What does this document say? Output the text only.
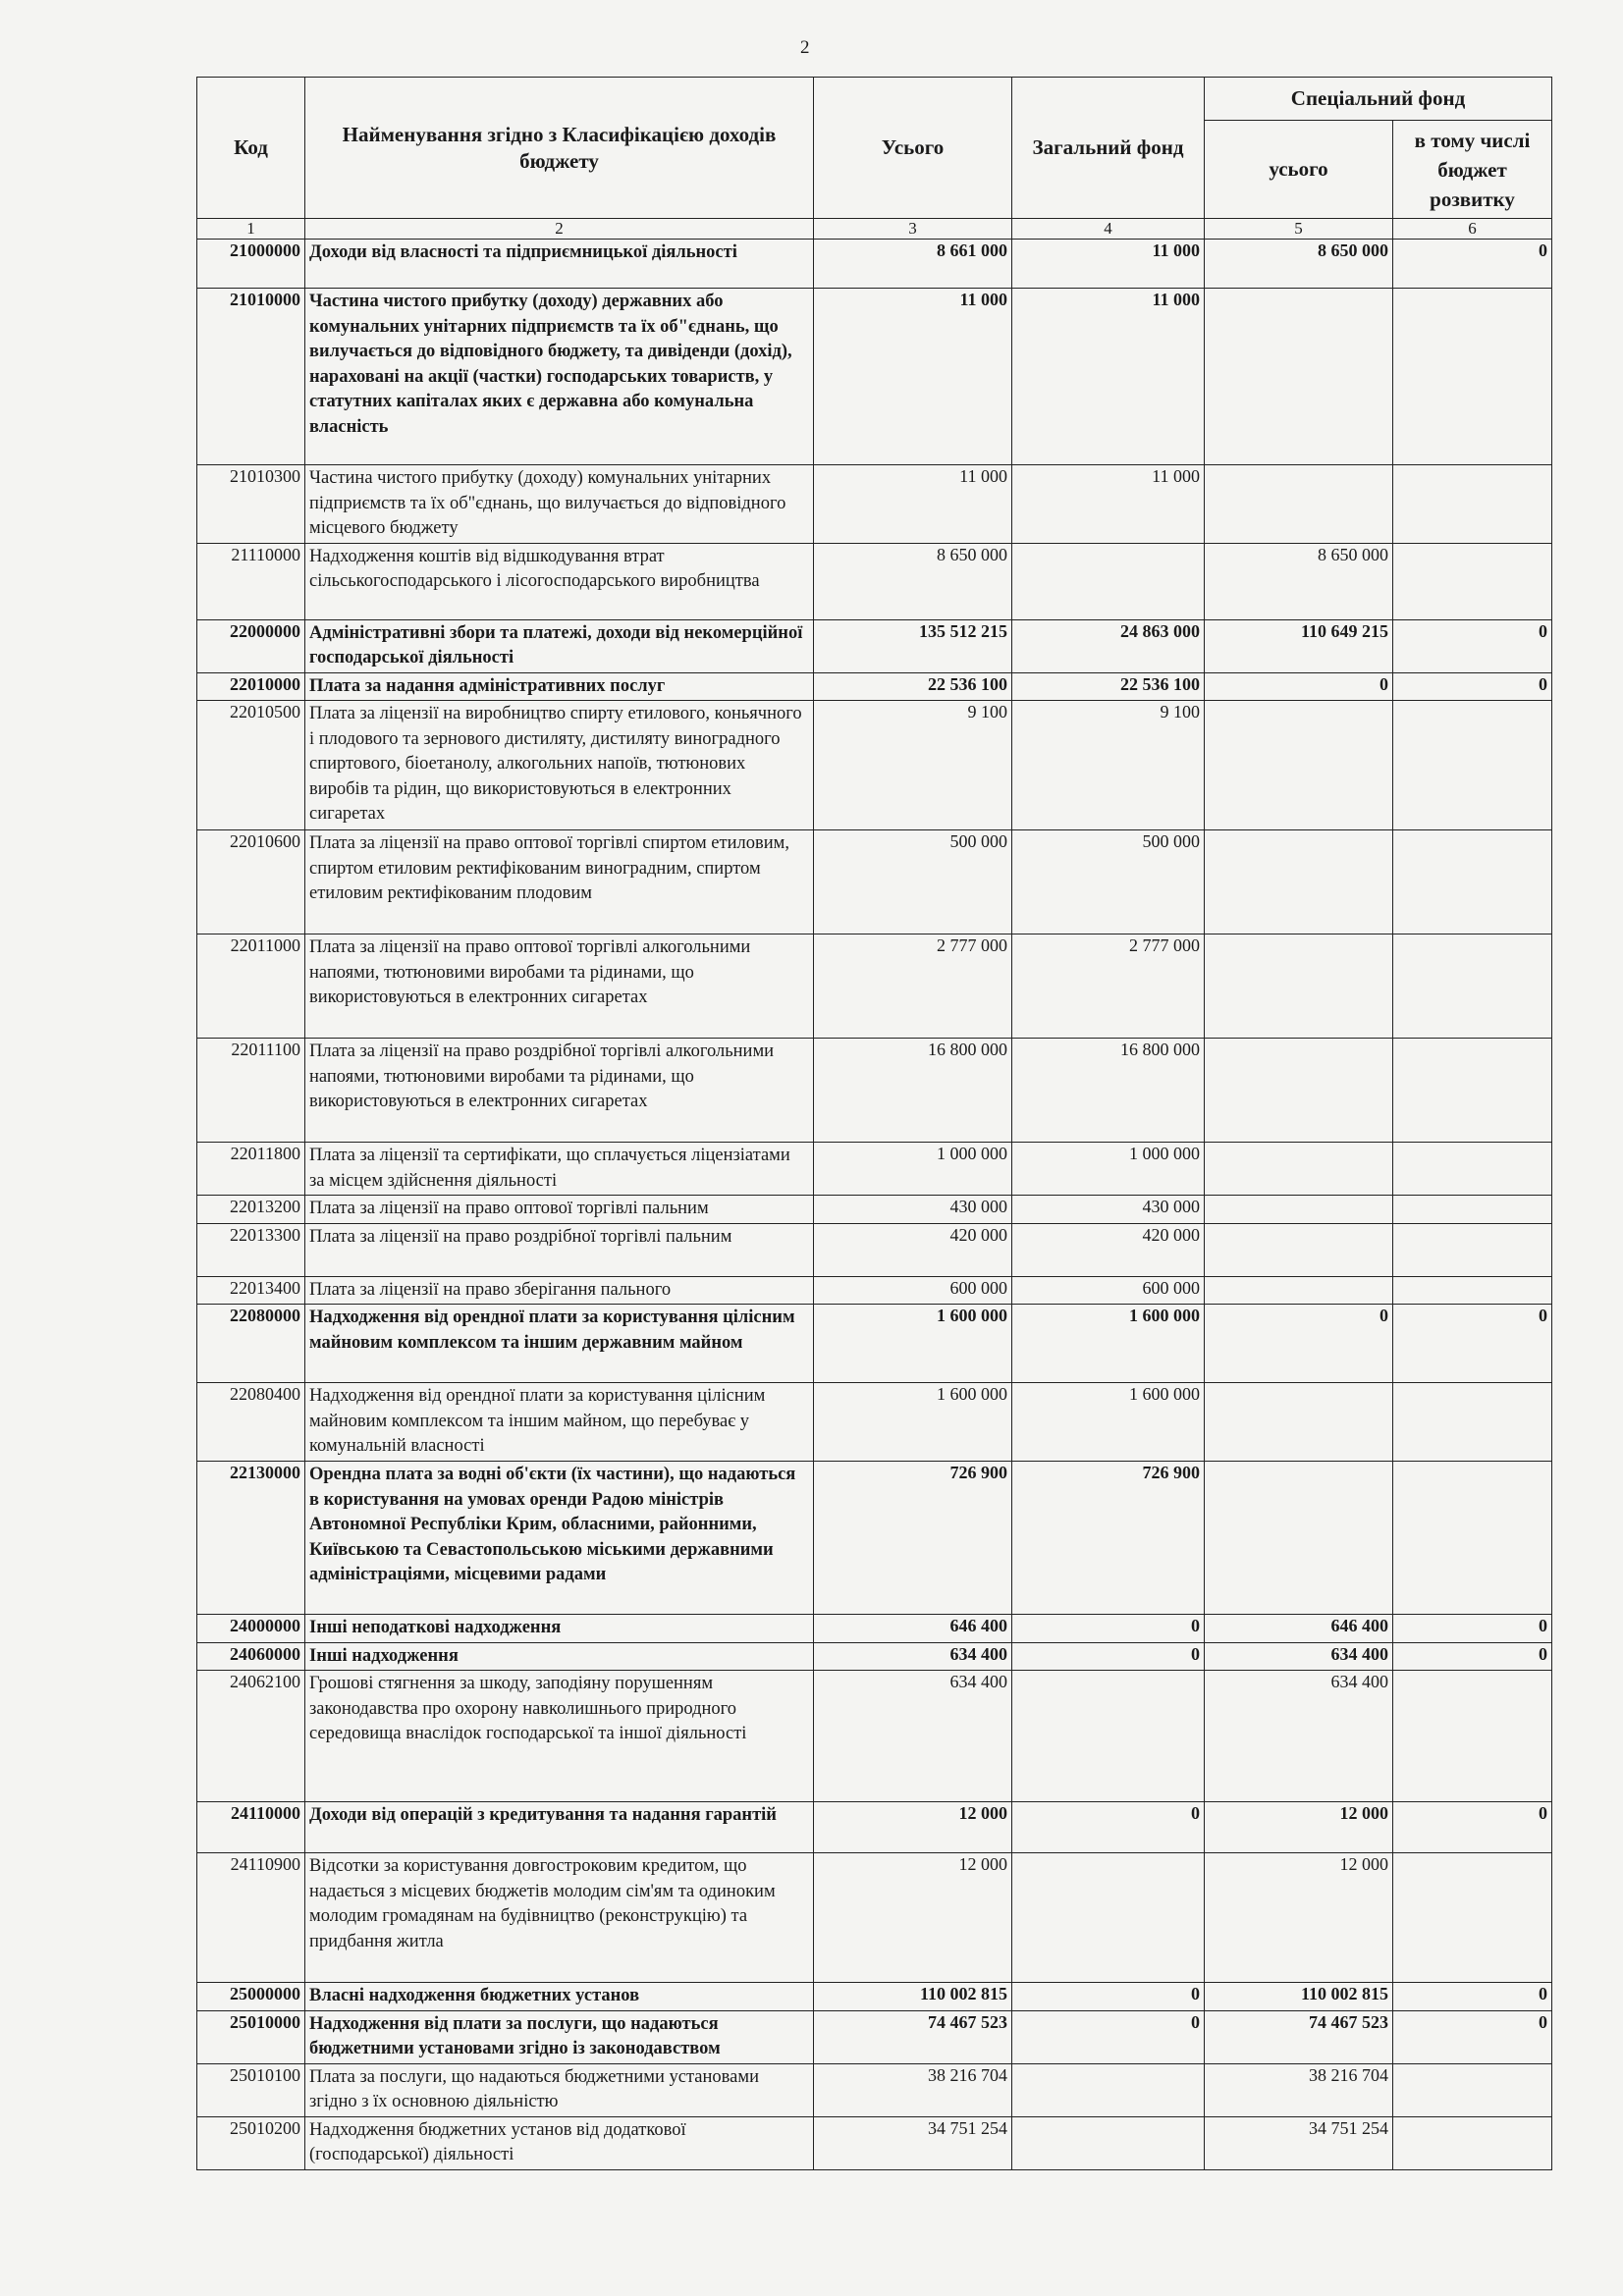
2
Код	Найменування згідно з Класифікацією доходів бюджету	Усього	Загальний фонд	Спеціальний фонд	
				усього	в тому числі бюджет розвитку
1	2	3	4	5	6
21000000	Доходи від власності та підприємницької діяльності	8 661 000	11 000	8 650 000	0
21010000	Частина чистого прибутку (доходу) державних або комунальних унітарних підприємств та їх об"єднань, що вилучається до відповідного бюджету, та дивіденди (дохід), нараховані на акції (частки) господарських товариств, у статутних капіталах яких є державна або комунальна власність	11 000	11 000		
21010300	Частина чистого прибутку (доходу) комунальних унітарних підприємств та їх об"єднань, що вилучається до відповідного місцевого бюджету	11 000	11 000		
21110000	Надходження коштів від відшкодування втрат сільськогосподарського і лісогосподарського виробництва	8 650 000		8 650 000	
22000000	Адміністративні збори та платежі, доходи від некомерційної господарської діяльності	135 512 215	24 863 000	110 649 215	0
22010000	Плата за надання адміністративних послуг	22 536 100	22 536 100	0	0
22010500	Плата за ліцензії на виробництво спирту етилового, коньячного і плодового та зернового дистиляту, дистиляту виноградного спиртового, біоетанолу, алкогольних напоїв, тютюнових виробів та рідин, що використовуються в електронних сигаретах	9 100	9 100		
22010600	Плата за ліцензії на право оптової торгівлі спиртом етиловим, спиртом етиловим ректифікованим виноградним, спиртом етиловим ректифікованим плодовим	500 000	500 000		
22011000	Плата за ліцензії на право оптової торгівлі алкогольними напоями, тютюновими виробами та рідинами, що використовуються в електронних сигаретах	2 777 000	2 777 000		
22011100	Плата за ліцензії на право роздрібної торгівлі алкогольними напоями, тютюновими виробами та рідинами, що використовуються в електронних сигаретах	16 800 000	16 800 000		
22011800	Плата за ліцензії та сертифікати, що сплачується ліцензіатами за місцем здійснення діяльності	1 000 000	1 000 000		
22013200	Плата за ліцензії на право оптової торгівлі пальним	430 000	430 000		
22013300	Плата за ліцензії на право роздрібної торгівлі пальним	420 000	420 000		
22013400	Плата за ліцензії на право зберігання пального	600 000	600 000		
22080000	Надходження від орендної плати за користування цілісним майновим комплексом та іншим державним майном	1 600 000	1 600 000	0	0
22080400	Надходження від орендної плати за користування цілісним майновим комплексом та іншим майном, що перебуває у комунальній власності	1 600 000	1 600 000		
22130000	Орендна плата за водні об'єкти (їх частини), що надаються в користування на умовах оренди Радою міністрів Автономної Республіки Крим, обласними, районними, Київською та Севастопольською міськими державними адміністраціями, місцевими радами	726 900	726 900		
24000000	Інші неподаткові надходження	646 400	0	646 400	0
24060000	Інші надходження	634 400	0	634 400	0
24062100	Грошові стягнення за шкоду, заподіяну порушенням законодавства про охорону навколишнього природного середовища внаслідок господарської та іншої діяльності	634 400		634 400	
24110000	Доходи від операцій з кредитування та надання гарантій	12 000	0	12 000	0
24110900	Відсотки за користування довгостроковим кредитом, що надається з місцевих бюджетів молодим сім'ям та одиноким молодим громадянам на будівництво (реконструкцію) та придбання житла	12 000		12 000	
25000000	Власні надходження бюджетних установ	110 002 815	0	110 002 815	0
25010000	Надходження від плати за послуги, що надаються бюджетними установами згідно із законодавством	74 467 523	0	74 467 523	0
25010100	Плата за послуги, що надаються бюджетними установами згідно з їх основною діяльністю	38 216 704		38 216 704	
25010200	Надходження бюджетних установ від додаткової (господарської) діяльності	34 751 254		34 751 254	
